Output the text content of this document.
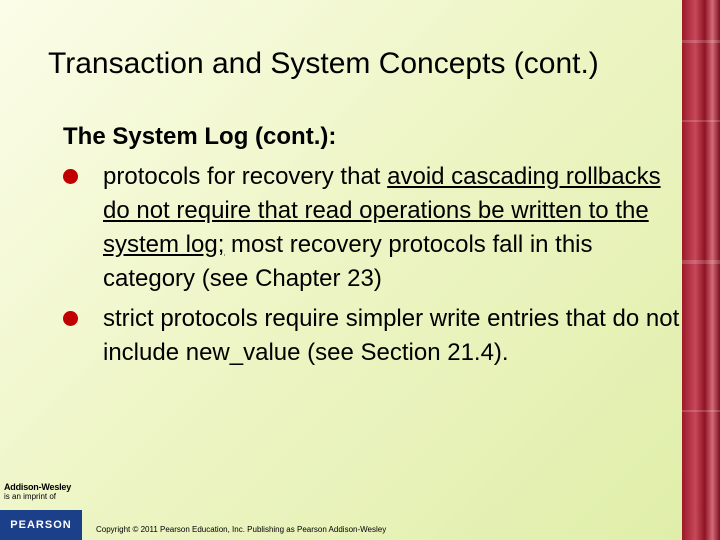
Transaction and System Concepts (cont.)
The System Log (cont.):
protocols for recovery that avoid cascading rollbacks do not require that read operations be written to the system log; most recovery protocols fall in this category (see Chapter 23)
strict protocols require simpler write entries that do not include new_value (see Section 21.4).
Addison-Wesley
is an imprint of
PEARSON	Copyright © 2011 Pearson Education, Inc. Publishing as Pearson Addison-Wesley
